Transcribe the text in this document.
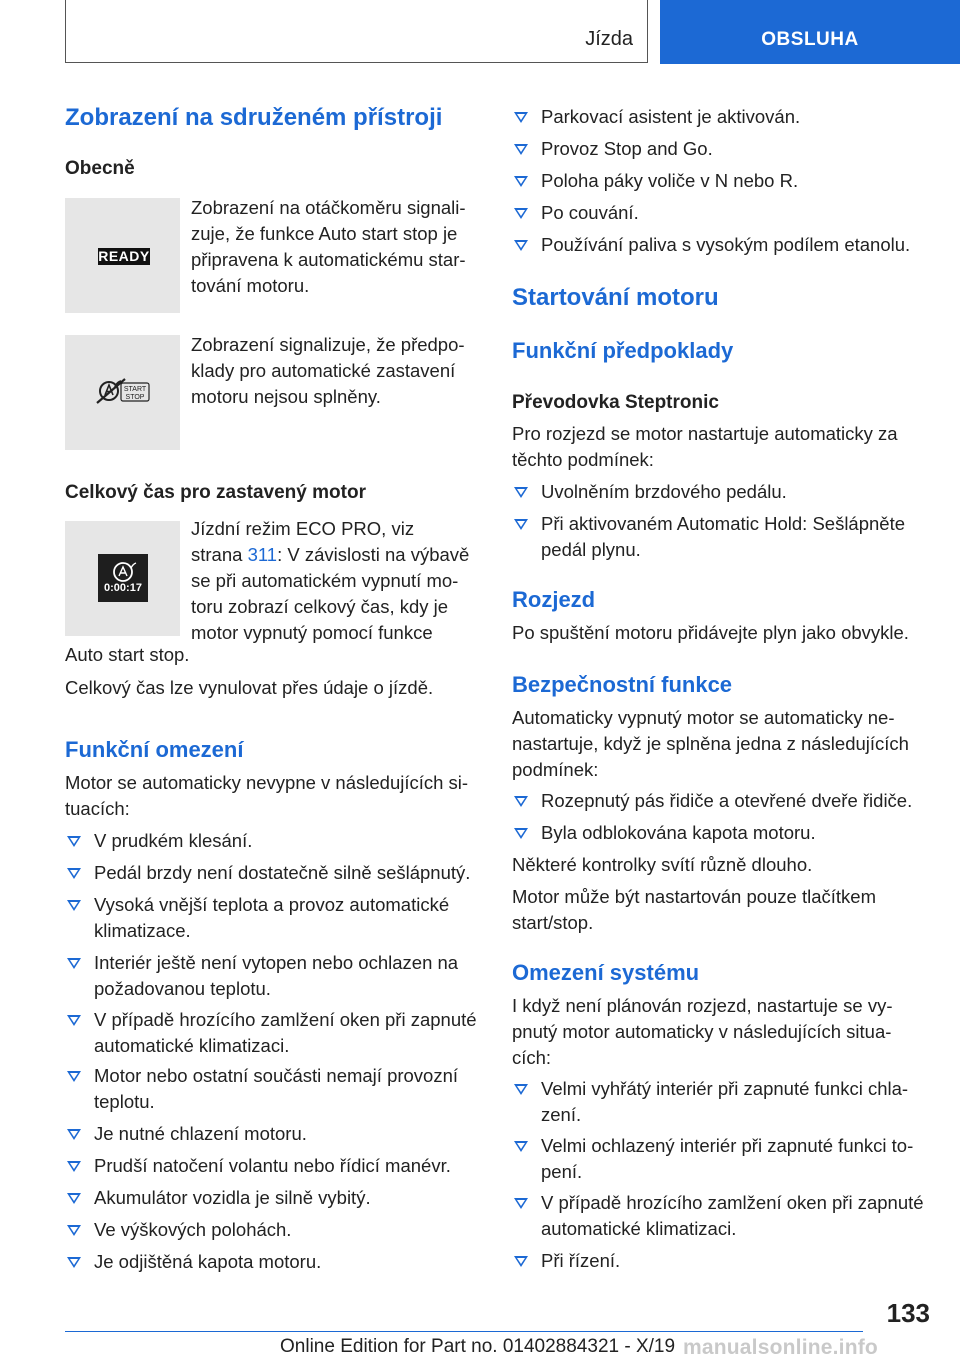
Jízda	OBSLUHA
Zobrazení na sdruženém přístroji
Obecně
READY
Zobrazení na otáčkoměru signali-
zuje, že funkce Auto start stop je
připravena k automatickému star-
tování motoru.
START
STOP
Zobrazení signalizuje, že předpo-
klady pro automatické zastavení
motoru nejsou splněny.
Celkový čas pro zastavený motor
0:00:17
Jízdní režim ECO PRO, viz
strana 311: V závislosti na výbavě
se při automatickém vypnutí mo-
toru zobrazí celkový čas, kdy je
motor vypnutý pomocí funkce
Auto start stop.
Celkový čas lze vynulovat přes údaje o jízdě.
Funkční omezení
Motor se automaticky nevypne v následujících si-
tuacích:
V prudkém klesání.
Pedál brzdy není dostatečně silně sešlápnutý.
Vysoká vnější teplota a provoz automatické
klimatizace.
Interiér ještě není vytopen nebo ochlazen na
požadovanou teplotu.
V případě hrozícího zamlžení oken při zapnuté
automatické klimatizaci.
Motor nebo ostatní součásti nemají provozní
teplotu.
Je nutné chlazení motoru.
Prudší natočení volantu nebo řídicí manévr.
Akumulátor vozidla je silně vybitý.
Ve výškových polohách.
Je odjištěná kapota motoru.
Parkovací asistent je aktivován.
Provoz Stop and Go.
Poloha páky voliče v N nebo R.
Po couvání.
Používání paliva s vysokým podílem etanolu.
Startování motoru
Funkční předpoklady
Převodovka Steptronic
Pro rozjezd se motor nastartuje automaticky za
těchto podmínek:
Uvolněním brzdového pedálu.
Při aktivovaném Automatic Hold: Sešlápněte
pedál plynu.
Rozjezd
Po spuštění motoru přidávejte plyn jako obvykle.
Bezpečnostní funkce
Automaticky vypnutý motor se automaticky ne-
nastartuje, když je splněna jedna z následujících
podmínek:
Rozepnutý pás řidiče a otevřené dveře řidiče.
Byla odblokována kapota motoru.
Některé kontrolky svítí různě dlouho.
Motor může být nastartován pouze tlačítkem
start/stop.
Omezení systému
I když není plánován rozjezd, nastartuje se vy-
pnutý motor automaticky v následujících situa-
cích:
Velmi vyhřátý interiér při zapnuté funkci chla-
zení.
Velmi ochlazený interiér při zapnuté funkci to-
pení.
V případě hrozícího zamlžení oken při zapnuté
automatické klimatizaci.
Při řízení.
133
Online Edition for Part no. 01402884321 - X/19 manualsonline.info
